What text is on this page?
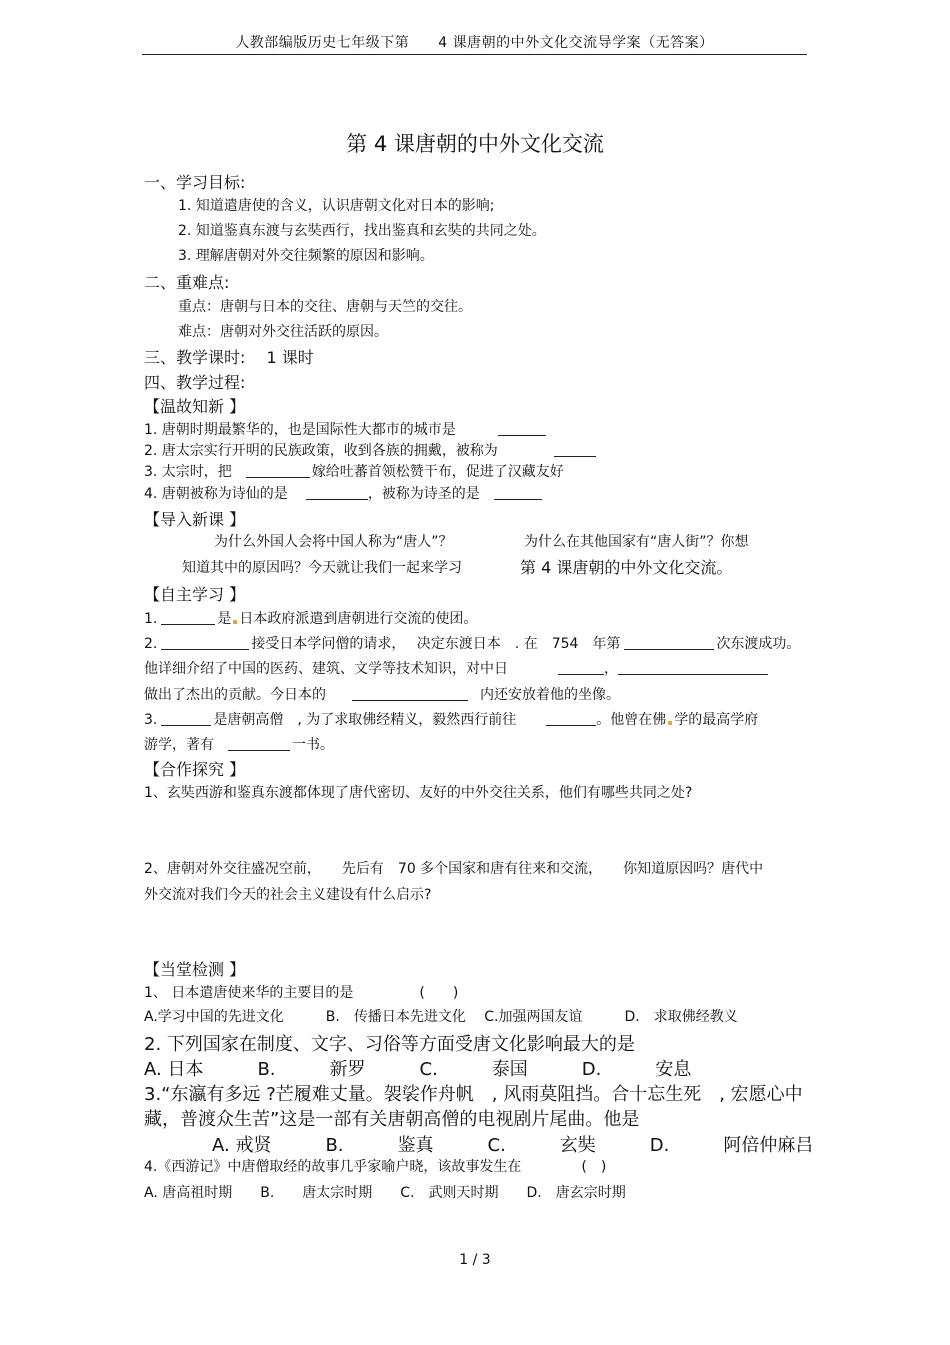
人教部编版历史七年级下第　　4 课唐朝的中外文化交流导学案（无答案）
第 4 课唐朝的中外文化交流
一、学习目标:
1. 知道遣唐使的含义，认识唐朝文化对日本的影响;
2. 知道鉴真东渡与玄奘西行，找出鉴真和玄奘的共同之处。
3. 理解唐朝对外交往频繁的原因和影响。
二、重难点:
重点：唐朝与日本的交往、唐朝与天竺的交往。
难点：唐朝对外交往活跃的原因。
三、教学课时:　 1 课时
四、教学过程:
【温故知新 】
1. 唐朝时期最繁华的，也是国际性大都市的城市是
2. 唐太宗实行开明的民族政策，收到各族的拥戴，被称为
3. 太宗时，把	嫁给吐蕃首领松赞干布，促进了汉藏友好
4. 唐朝被称为诗仙的是	，被称为诗圣的是
【导入新课 】
为什么外国人会将中国人称为“唐人”？	为什么在其他国家有“唐人街”？你想
知道其中的原因吗？今天就让我们一起来学习	第 4 课唐朝的中外文化交流。
【自主学习 】
1.	是 日本政府派遣到唐朝进行交流的使团。
2.	接受日本学问僧的请求，　 决定东渡日本　. 在　754　年第	次东渡成功。
他详细介绍了中国的医药、建筑、文学等技术知识，对中日	，
做出了杰出的贡献。今日本的	内还安放着他的坐像。
3.	是唐朝高僧　, 为了求取佛经精义，毅然西行前往	。他曾在佛 学的最高学府
游学，著有	一书。
【合作探究 】
1、玄奘西游和鉴真东渡都体现了唐代密切、友好的中外交往关系，他们有哪些共同之处?
2、唐朝对外交往盛况空前，　　先后有　70 多个国家和唐有往来和交流，　　你知道原因吗？唐代中
外交流对我们今天的社会主义建设有什么启示?
【当堂检测 】
1、 日本遣唐使来华的主要目的是	(　　)
A.学习中国的先进文化　　　B.　传播日本先进文化　 C.加强两国友谊　　　D.　求取佛经教义
2. 下列国家在制度、文字、习俗等方面受唐文化影响最大的是
A. 日本　　　B.　　　新罗　　　C.　　　泰国　　　D.　　　安息
3.“东瀛有多远 ?芒履难丈量。袈裟作舟帆　, 风雨莫阻挡。合十忘生死　, 宏愿心中
藏，普渡众生苦”这是一部有关唐朝高僧的电视剧片尾曲。他是
A. 戒贤　　　B.　　　鉴真　　　C.　　　玄奘　　　D.　　　阿倍仲麻吕
4.《西游记》中唐僧取经的故事几乎家喻户晓，该故事发生在	(　)
A. 唐高祖时期　　B.　　唐太宗时期　　C.　武则天时期　　D.　唐玄宗时期
1 / 3
